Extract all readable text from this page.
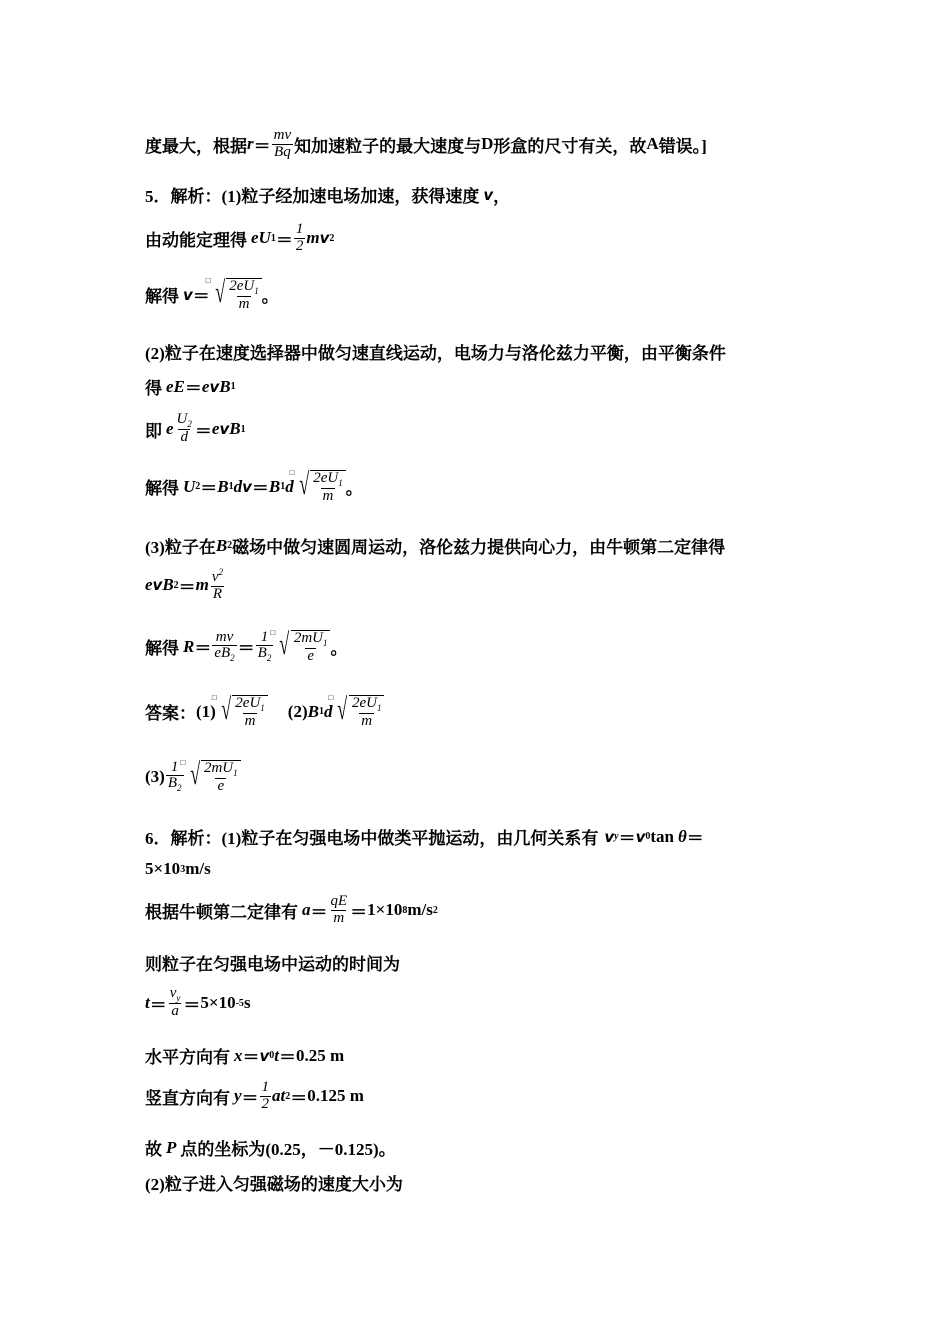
度最大，根据 $r = \frac{mv}{Bq}$ 知加速粒子的最大速度与 D 形盒的尺寸有关，故 A 错误。]
5．解析： (1)粒子经加速电场加速，获得速度 v ，
由动能定理得 eU $1 = \frac{1}{2}$ m v 2
解得 v ＝
□ √ $\frac{2eU_1}{m}$ 。
(2)粒子在速度选择器中做匀速直线运动，电场力与洛伦兹力平衡，由平衡条件
得 eE ＝ e v B 1
即 e $\frac{U_2}{d} = e$ v B 1
解得 U 2 ＝ B 1 d v ＝ B 1 d
□ √ $\frac{2eU_1}{m}$ 。
(3)粒子在 B 2 磁场中做匀速圆周运动，洛伦兹力提供向心力，由牛顿第二定律得
e v B 2 ＝ m $\frac{v^2}{R}$
解得 $R = \frac{mv}{eB_2} = \frac{1}{B_2}$
□ √ $\frac{2mU_1}{e}$ 。
答案： (1)
□ √ $\frac{2eU_1}{m} (2)$ B 1 d
□ √ $\frac{2eU_1}{m}$
$(3) \frac{1}{B_2}$
□ √ $\frac{2mU_1}{e}$
6．解析： (1)粒子在匀强电场中做类平抛运动，由几何关系有 v y ＝ v 0 tan θ ＝
5×10 3 m/s
根据牛顿第二定律有 $a = \frac{qE}{m} = 1\times 10$ 8 m/s 2
则粒子在匀强电场中运动的时间为
$t = \frac{v_y}{a} = 5\times 10$ -5 s
水平方向有 x ＝ v 0 t ＝ 0.25 m
竖直方向有 $y = \frac{1}{2}$ at 2 ＝ 0.125 m
故 P 点的坐标为(0.25，－0.125)。
(2)粒子进入匀强磁场的速度大小为
